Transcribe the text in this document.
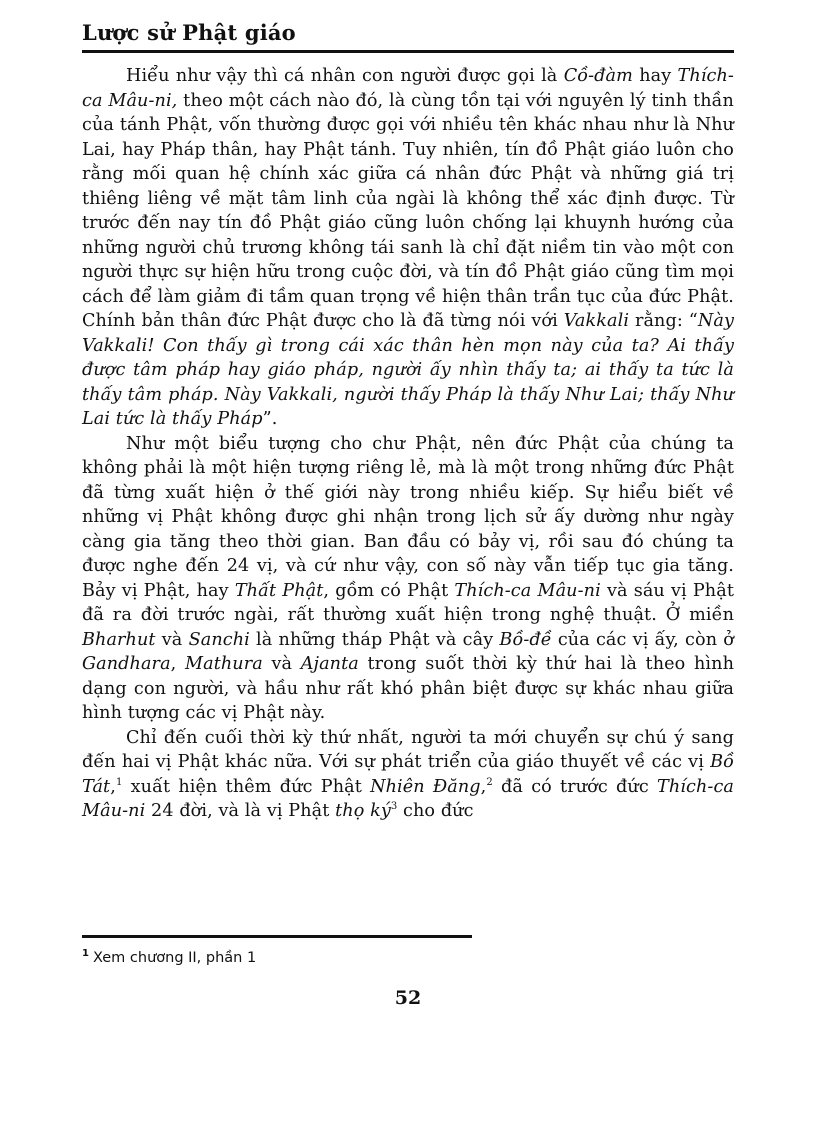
Lược sử Phật giáo

Hiểu như vậy thì cá nhân con người được gọi là Cồ-đàm hay Thích-ca Mâu-ni, theo một cách nào đó, là cùng tồn tại với nguyên lý tinh thần của tánh Phật, vốn thường được gọi với nhiều tên khác nhau như là Như Lai, hay Pháp thân, hay Phật tánh. Tuy nhiên, tín đồ Phật giáo luôn cho rằng mối quan hệ chính xác giữa cá nhân đức Phật và những giá trị thiêng liêng về mặt tâm linh của ngài là không thể xác định được. Từ trước đến nay tín đồ Phật giáo cũng luôn chống lại khuynh hướng của những người chủ trương không tái sanh là chỉ đặt niềm tin vào một con người thực sự hiện hữu trong cuộc đời, và tín đồ Phật giáo cũng tìm mọi cách để làm giảm đi tầm quan trọng về hiện thân trần tục của đức Phật. Chính bản thân đức Phật được cho là đã từng nói với Vakkali rằng: “Này Vakkali! Con thấy gì trong cái xác thân hèn mọn này của ta? Ai thấy được tâm pháp hay giáo pháp, người ấy nhìn thấy ta; ai thấy ta tức là thấy tâm pháp. Này Vakkali, người thấy Pháp là thấy Như Lai; thấy Như Lai tức là thấy Pháp”.

Như một biểu tượng cho chư Phật, nên đức Phật của chúng ta không phải là một hiện tượng riêng lẻ, mà là một trong những đức Phật đã từng xuất hiện ở thế giới này trong nhiều kiếp. Sự hiểu biết về những vị Phật không được ghi nhận trong lịch sử ấy dường như ngày càng gia tăng theo thời gian. Ban đầu có bảy vị, rồi sau đó chúng ta được nghe đến 24 vị, và cứ như vậy, con số này vẫn tiếp tục gia tăng. Bảy vị Phật, hay Thất Phật, gồm có Phật Thích-ca Mâu-ni và sáu vị Phật đã ra đời trước ngài, rất thường xuất hiện trong nghệ thuật. Ở miền Bharhut và Sanchi là những tháp Phật và cây Bồ-đề của các vị ấy, còn ở Gandhara, Mathura và Ajanta trong suốt thời kỳ thứ hai là theo hình dạng con người, và hầu như rất khó phân biệt được sự khác nhau giữa hình tượng các vị Phật này.

Chỉ đến cuối thời kỳ thứ nhất, người ta mới chuyển sự chú ý sang đến hai vị Phật khác nữa. Với sự phát triển của giáo thuyết về các vị Bồ Tát,$^1$ xuất hiện thêm đức Phật Nhiên Đăng,$^2$ đã có trước đức Thích-ca Mâu-ni 24 đời, và là vị Phật thọ $ký^3$ cho đức

$^1$ Xem chương II, phần 1
52
